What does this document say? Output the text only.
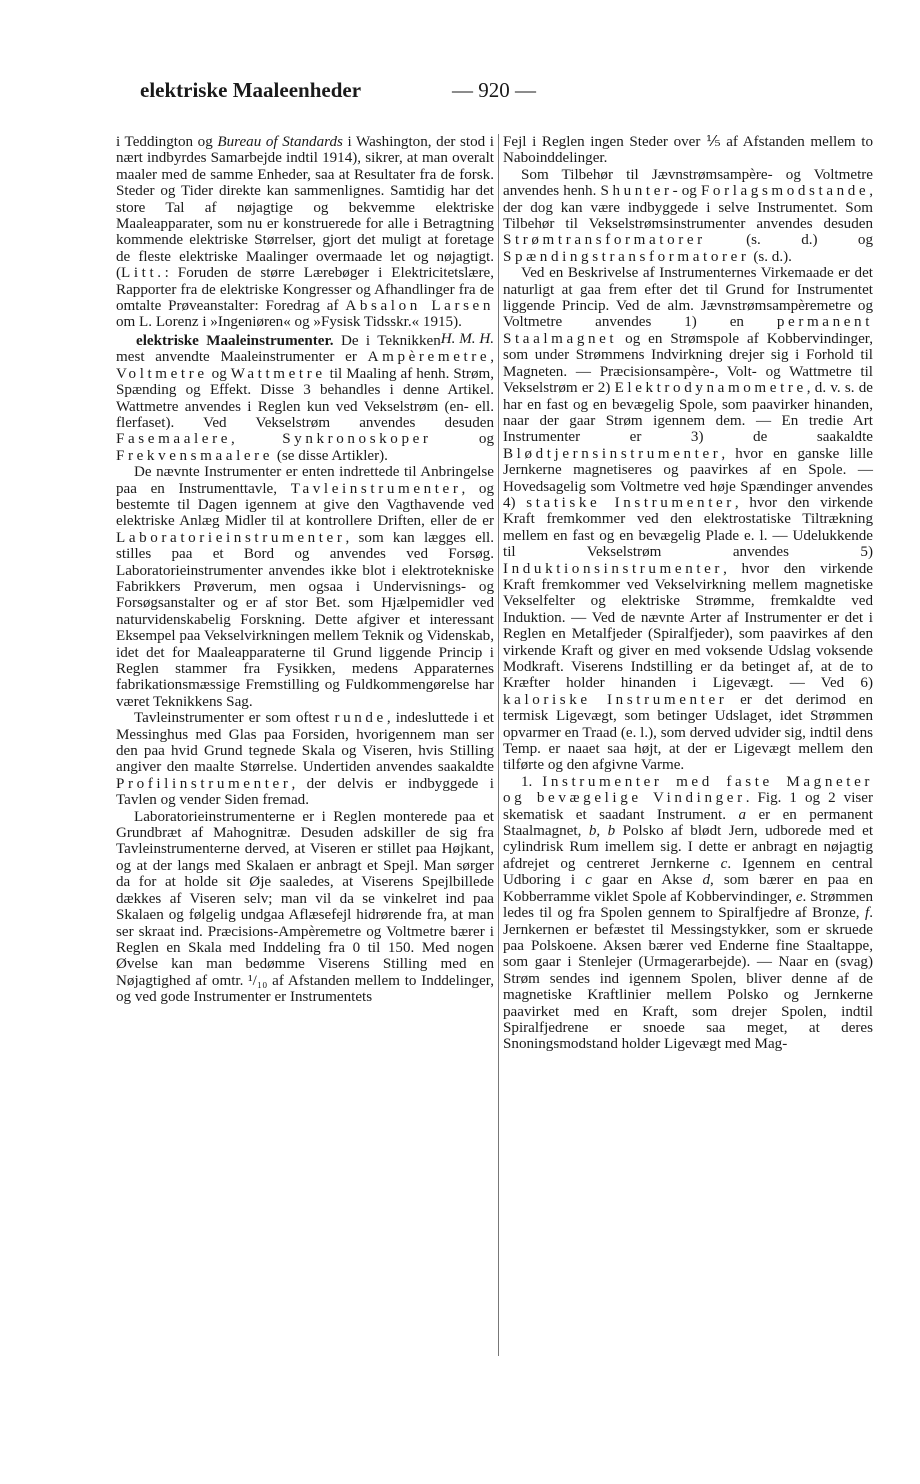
elektriske Maaleenheder	— 920 —

i Teddington og Bureau of Standards i Washington, der stod i nært indbyrdes Samarbejde indtil 1914), sikrer, at man overalt maaler med de samme Enheder, saa at Resultater fra de forsk. Steder og Tider direkte kan sammenlignes. Samtidig har det store Tal af nøjagtige og bekvemme elektriske Maaleapparater, som nu er konstruerede for alle i Betragtning kommende elektriske Størrelser, gjort det muligt at foretage de fleste elektriske Maalinger overmaade let og nøjagtigt. (Litt.: Foruden de større Lærebøger i Elektricitetslære, Rapporter fra de elektriske Kongresser og Afhandlinger fra de omtalte Prøveanstalter: Foredrag af Absalon Larsen om L. Lorenz i »Ingeniøren« og »Fysisk Tidsskr.« 1915).
H. M. H.

elektriske Maaleinstrumenter. De i Teknikken mest anvendte Maaleinstrumenter er Ampèremetre, Voltmetre og Wattmetre til Maaling af henh. Strøm, Spænding og Effekt. Disse 3 behandles i denne Artikel. Wattmetre anvendes i Reglen kun ved Vekselstrøm (en- ell. flerfaset). Ved Vekselstrøm anvendes desuden Fasemaalere, Synkronoskoper og Frekvensmaalere (se disse Artikler).

De nævnte Instrumenter er enten indrettede til Anbringelse paa en Instrumenttavle, Tavleinstrumenter, og bestemte til Dagen igennem at give den Vagthavende ved elektriske Anlæg Midler til at kontrollere Driften, eller de er Laboratorieinstrumenter, som kan lægges ell. stilles paa et Bord og anvendes ved Forsøg. Laboratorieinstrumenter anvendes ikke blot i elektrotekniske Fabrikkers Prøverum, men ogsaa i Undervisnings- og Forsøgsanstalter og er af stor Bet. som Hjælpemidler ved naturvidenskabelig Forskning. Dette afgiver et interessant Eksempel paa Vekselvirkningen mellem Teknik og Videnskab, idet det for Maaleapparaterne til Grund liggende Princip i Reglen stammer fra Fysikken, medens Apparaternes fabrikationsmæssige Fremstilling og Fuldkommengørelse har været Teknikkens Sag.

Tavleinstrumenter er som oftest runde, indesluttede i et Messinghus med Glas paa Forsiden, hvorigennem man ser den paa hvid Grund tegnede Skala og Viseren, hvis Stilling angiver den maalte Størrelse. Undertiden anvendes saakaldte Profilinstrumenter, der delvis er indbyggede i Tavlen og vender Siden fremad.

Laboratorieinstrumenterne er i Reglen monterede paa et Grundbræt af Mahognitræ. Desuden adskiller de sig fra Tavleinstrumenterne derved, at Viseren er stillet paa Højkant, og at der langs med Skalaen er anbragt et Spejl. Man sørger da for at holde sit Øje saaledes, at Viserens Spejlbillede dækkes af Viseren selv; man vil da se vinkelret ind paa Skalaen og følgelig undgaa Aflæsefejl hidrørende fra, at man ser skraat ind. Præcisions-Ampèremetre og Voltmetre bærer i Reglen en Skala med Inddeling fra 0 til 150. Med nogen Øvelse kan man bedømme Viserens Stilling med en Nøjagtighed af omtr. ¹/₁₀ af Afstanden mellem to Inddelinger, og ved gode Instrumenter er Instrumentets

Fejl i Reglen ingen Steder over ⅕ af Afstanden mellem to Naboinddelinger.

Som Tilbehør til Jævnstrømsampère- og Voltmetre anvendes henh. Shunter- og Forlagsmodstande, der dog kan være indbyggede i selve Instrumentet. Som Tilbehør til Vekselstrømsinstrumenter anvendes desuden Strømtransformatorer (s. d.) og Spændingstransformatorer (s. d.).

Ved en Beskrivelse af Instrumenternes Virkemaade er det naturligt at gaa frem efter det til Grund for Instrumentet liggende Princip. Ved de alm. Jævnstrømsampèremetre og Voltmetre anvendes 1) en permanent Staalmagnet og en Strømspole af Kobbervindinger, som under Strømmens Indvirkning drejer sig i Forhold til Magneten. — Præcisionsampère-, Volt- og Wattmetre til Vekselstrøm er 2) Elektrodynamometre, d. v. s. de har en fast og en bevægelig Spole, som paavirker hinanden, naar der gaar Strøm igennem dem. — En tredie Art Instrumenter er 3) de saakaldte Blødtjernsinstrumenter, hvor en ganske lille Jernkerne magnetiseres og paavirkes af en Spole. — Hovedsagelig som Voltmetre ved høje Spændinger anvendes 4) statiske Instrumenter, hvor den virkende Kraft fremkommer ved den elektrostatiske Tiltrækning mellem en fast og en bevægelig Plade e. l. — Udelukkende til Vekselstrøm anvendes 5) Induktionsinstrumenter, hvor den virkende Kraft fremkommer ved Vekselvirkning mellem magnetiske Vekselfelter og elektriske Strømme, fremkaldte ved Induktion. — Ved de nævnte Arter af Instrumenter er det i Reglen en Metalfjeder (Spiralfjeder), som paavirkes af den virkende Kraft og giver en med voksende Udslag voksende Modkraft. Viserens Indstilling er da betinget af, at de to Kræfter holder hinanden i Ligevægt. — Ved 6) kaloriske Instrumenter er det derimod en termisk Ligevægt, som betinger Udslaget, idet Strømmen opvarmer en Traad (e. l.), som derved udvider sig, indtil dens Temp. er naaet saa højt, at der er Ligevægt mellem den tilførte og den afgivne Varme.

1. Instrumenter med faste Magneter og bevægelige Vindinger. Fig. 1 og 2 viser skematisk et saadant Instrument. a er en permanent Staalmagnet, b, b Polsko af blødt Jern, udborede med et cylindrisk Rum imellem sig. I dette er anbragt en nøjagtig afdrejet og centreret Jernkerne c. Igennem en central Udboring i c gaar en Akse d, som bærer en paa en Kobberramme viklet Spole af Kobbervindinger, e. Strømmen ledes til og fra Spolen gennem to Spiralfjedre af Bronze, f. Jernkernen er befæstet til Messingstykker, som er skruede paa Polskoene. Aksen bærer ved Enderne fine Staaltappe, som gaar i Stenlejer (Urmagerarbejde). — Naar en (svag) Strøm sendes ind igennem Spolen, bliver denne af de magnetiske Kraftlinier mellem Polsko og Jernkerne paavirket med en Kraft, som drejer Spolen, indtil Spiralfjedrene er snoede saa meget, at deres Snoningsmodstand holder Ligevægt med Mag-
